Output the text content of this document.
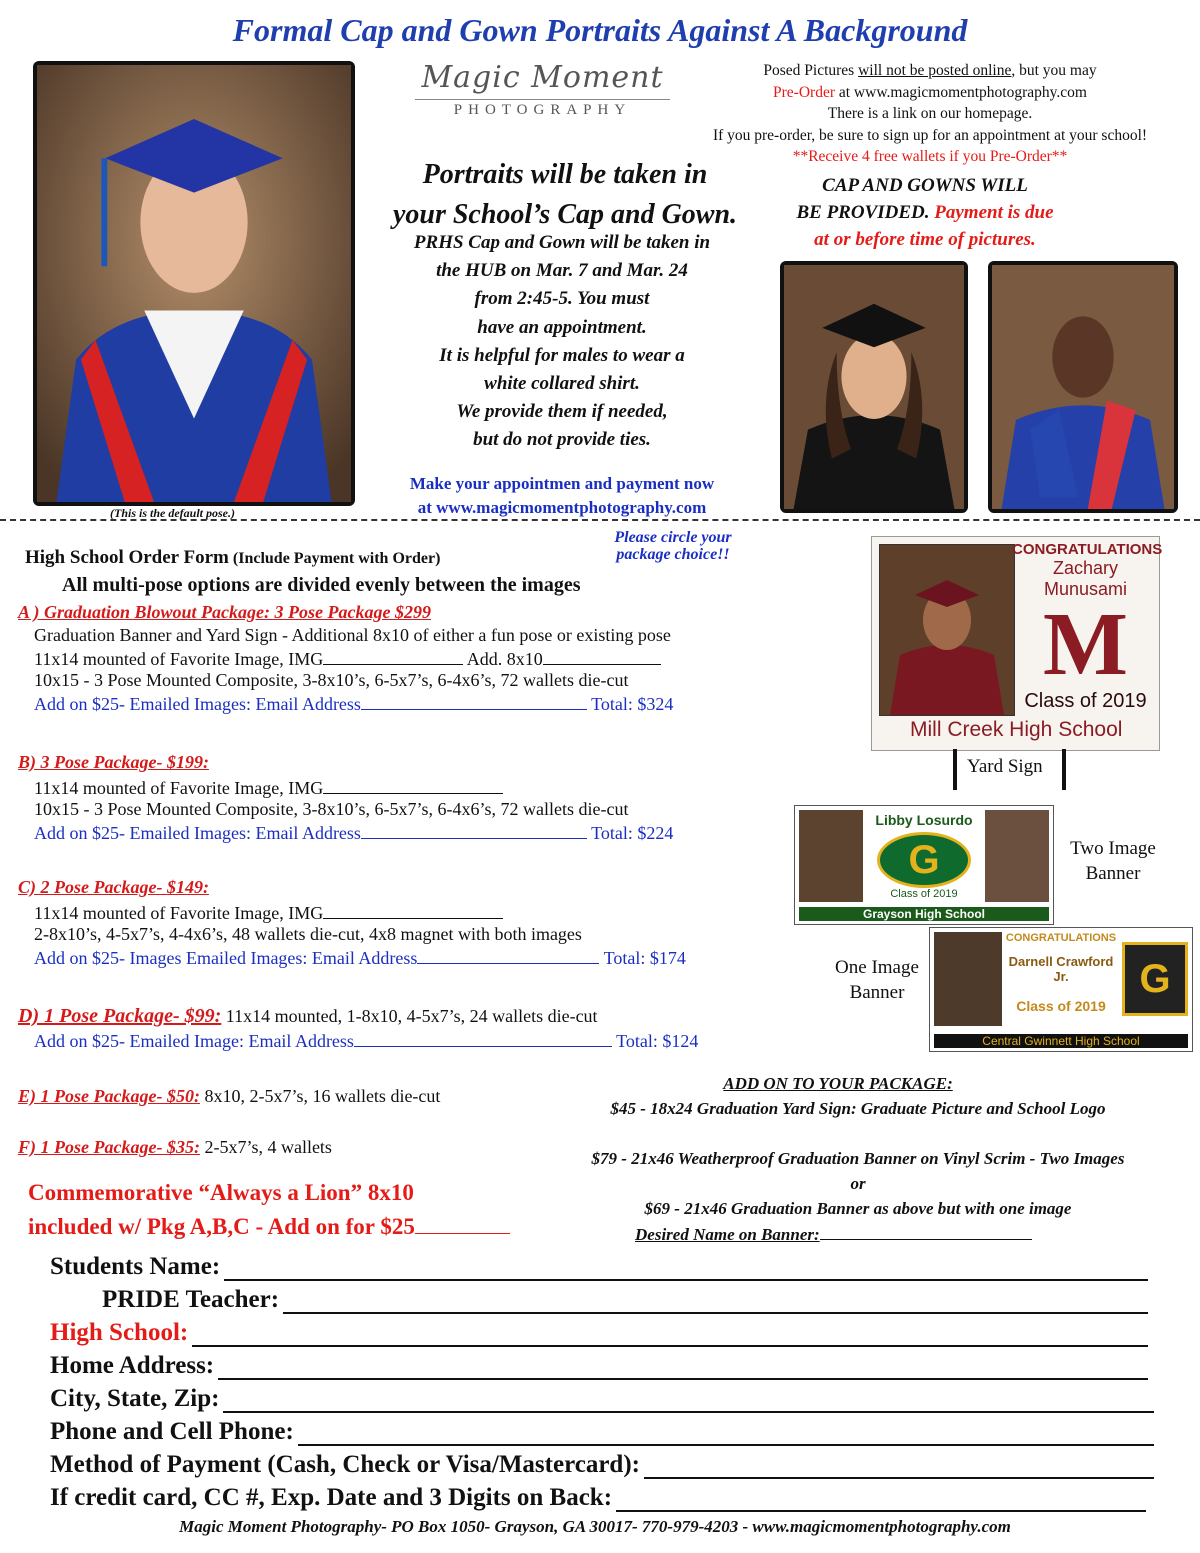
Formal Cap and Gown Portraits Against A Background
(This is the default pose.)
Magic Moment
PHOTOGRAPHY
Posed Pictures will not be posted online, but you may
Pre-Order at www.magicmomentphotography.com
There is a link on our homepage.
If you pre-order, be sure to sign up for an appointment at your school!
**Receive 4 free wallets if you Pre-Order**
CAP AND GOWNS WILL
BE PROVIDED. Payment is due
at or before time of pictures.
Portraits will be taken in
your School’s Cap and Gown.
PRHS Cap and Gown will be taken in
the HUB on Mar. 7 and Mar. 24
from 2:45-5. You must
have an appointment.
It is helpful for males to wear a
white collared shirt.
We provide them if needed,
but do not provide ties.
Make your appointmen and payment now
at www.magicmomentphotography.com
High School Order Form (Include Payment with Order)
Please circle your
package choice!!
All multi-pose options are divided evenly between the images
A ) Graduation Blowout Package: 3 Pose Package $299
Graduation Banner and Yard Sign - Additional 8x10 of either a fun pose or existing pose
11x14 mounted of Favorite Image, IMG	Add. 8x10
10x15 - 3 Pose Mounted Composite, 3-8x10’s, 6-5x7’s, 6-4x6’s, 72 wallets die-cut
Add on $25- Emailed Images: Email Address	Total: $324
B) 3 Pose Package- $199:
11x14 mounted of Favorite Image, IMG
10x15 - 3 Pose Mounted Composite, 3-8x10’s, 6-5x7’s, 6-4x6’s, 72 wallets die-cut
Add on $25- Emailed Images: Email Address	Total: $224
C) 2 Pose Package- $149:
11x14 mounted of Favorite Image, IMG
2-8x10’s, 4-5x7’s, 4-4x6’s, 48 wallets die-cut, 4x8 magnet with both images
Add on $25- Images Emailed Images: Email Address	Total: $174
D) 1 Pose Package- $99: 11x14 mounted, 1-8x10, 4-5x7’s, 24 wallets die-cut
Add on $25- Emailed Image: Email Address	Total: $124
E) 1 Pose Package- $50: 8x10, 2-5x7’s, 16 wallets die-cut
F) 1 Pose Package- $35: 2-5x7’s, 4 wallets
Commemorative “Always a Lion” 8x10
included w/ Pkg A,B,C - Add on for $25
CONGRATULATIONS
Zachary Munusami
M
Class of 2019
Mill Creek High School
Yard Sign
Libby Losurdo
G
Class of 2019
Grayson High School
Two Image
Banner
CONGRATULATIONS
Darnell Crawford Jr.
Class of 2019
G
Central Gwinnett High School
One Image
Banner
ADD ON TO YOUR PACKAGE:
$45 - 18x24 Graduation Yard Sign: Graduate Picture and School Logo
$79 - 21x46 Weatherproof Graduation Banner on Vinyl Scrim - Two Images
or
$69 - 21x46 Graduation Banner as above but with one image
Desired Name on Banner:
Students Name:
PRIDE Teacher:
High School:
Home Address:
City, State, Zip:
Phone and Cell Phone:
Method of Payment (Cash, Check or Visa/Mastercard):
If credit card, CC #, Exp. Date and 3 Digits on Back:
Magic Moment Photography- PO Box 1050- Grayson, GA 30017- 770-979-4203 - www.magicmomentphotography.com
